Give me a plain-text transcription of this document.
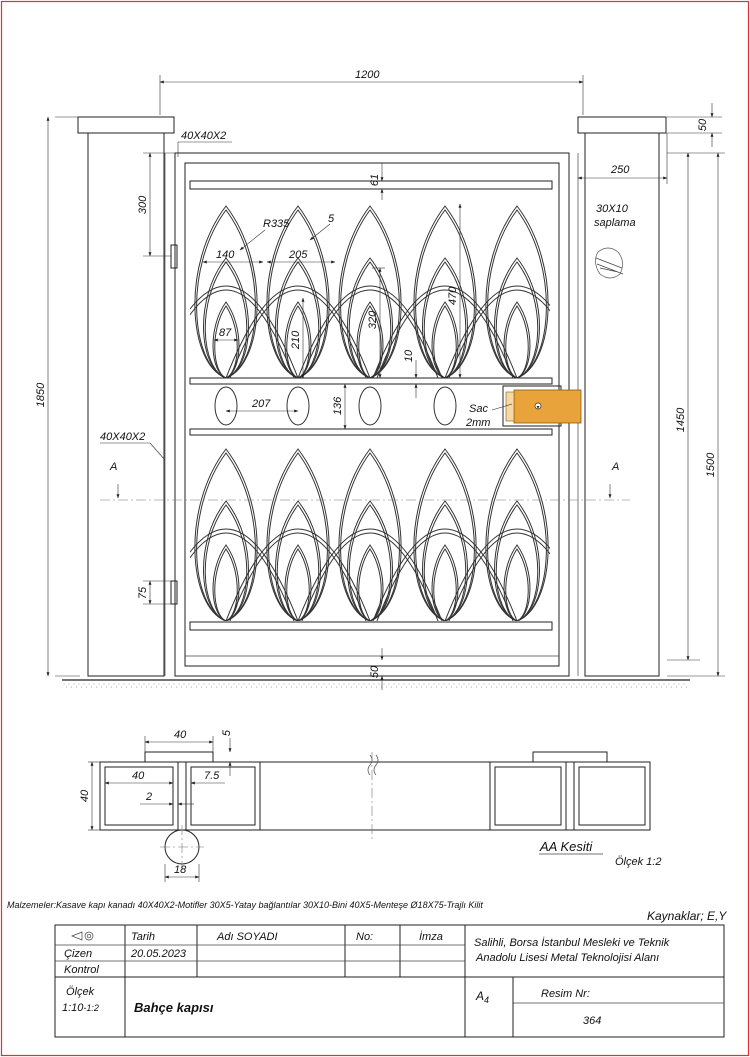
A	A
30X10
saplama
1200
40X40X2
1850
300
75
40X40X2
50
250
1450
1500
61
R335	5
140	205
87	210
320
470
10
207	136	Sac
2mm
50
40	5
40	7.5
40	2
18
AA Kesiti
Ölçek 1:2
Malzemeler:Kasave kapı kanadı 40X40X2-Motifler 30X5-Yatay bağlantılar 30X10-Bini 40X5-Menteşe Ø18X75-Trajlı Kilit
Kaynaklar; E,Y
Tarih	Adı SOYADI	No:	İmza
Çizen	20.05.2023
Kontrol
Salihli, Borsa İstanbul Mesleki ve Teknik
Anadolu Lisesi Metal Teknolojisi Alanı
Ölçek
1:10-1:2	Bahçe kapısı
A4	Resim Nr:
364
